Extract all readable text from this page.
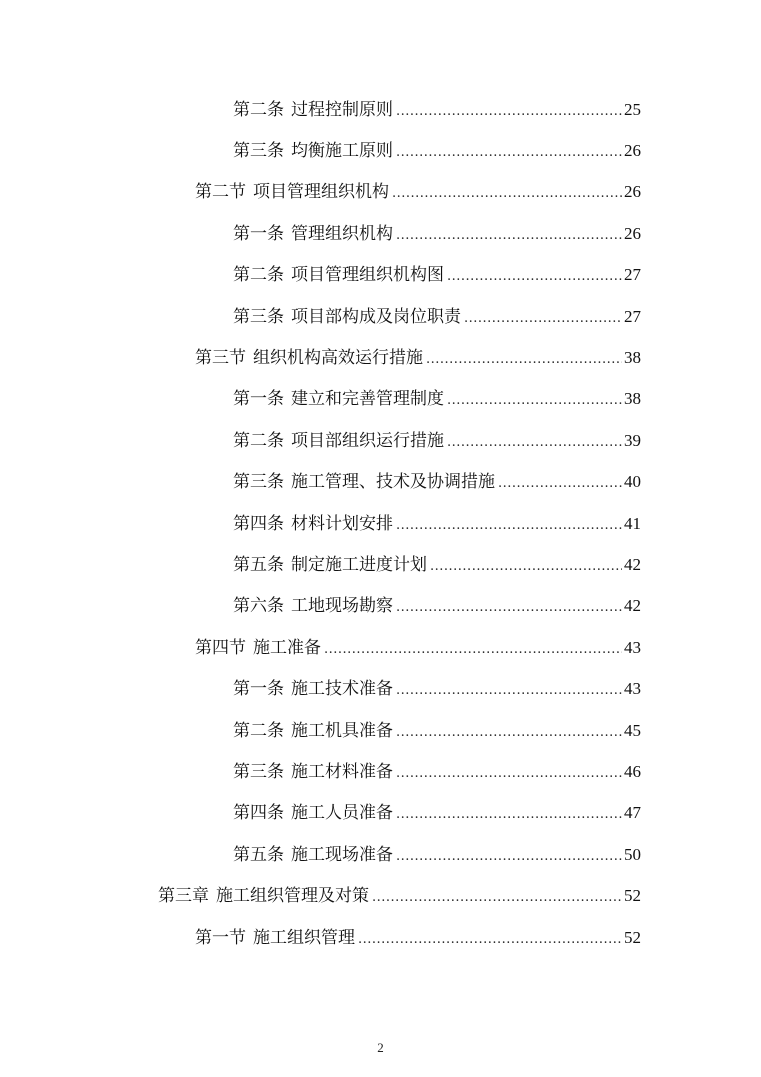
第二条 过程控制原则 .....	25
第三条 均衡施工原则 .....	26
第二节 项目管理组织机构 .....	26
第一条 管理组织机构 .....	26
第二条 项目管理组织机构图 .....	27
第三条 项目部构成及岗位职责 .....	27
第三节 组织机构高效运行措施 .....	38
第一条 建立和完善管理制度 .....	38
第二条 项目部组织运行措施 .....	39
第三条 施工管理、技术及协调措施 .....	40
第四条 材料计划安排 .....	41
第五条 制定施工进度计划 .....	42
第六条 工地现场勘察 .....	42
第四节 施工准备 .....	43
第一条 施工技术准备 .....	43
第二条 施工机具准备 .....	45
第三条 施工材料准备 .....	46
第四条 施工人员准备 .....	47
第五条 施工现场准备 .....	50
第三章 施工组织管理及对策 .....	52
第一节 施工组织管理 .....	52
2
